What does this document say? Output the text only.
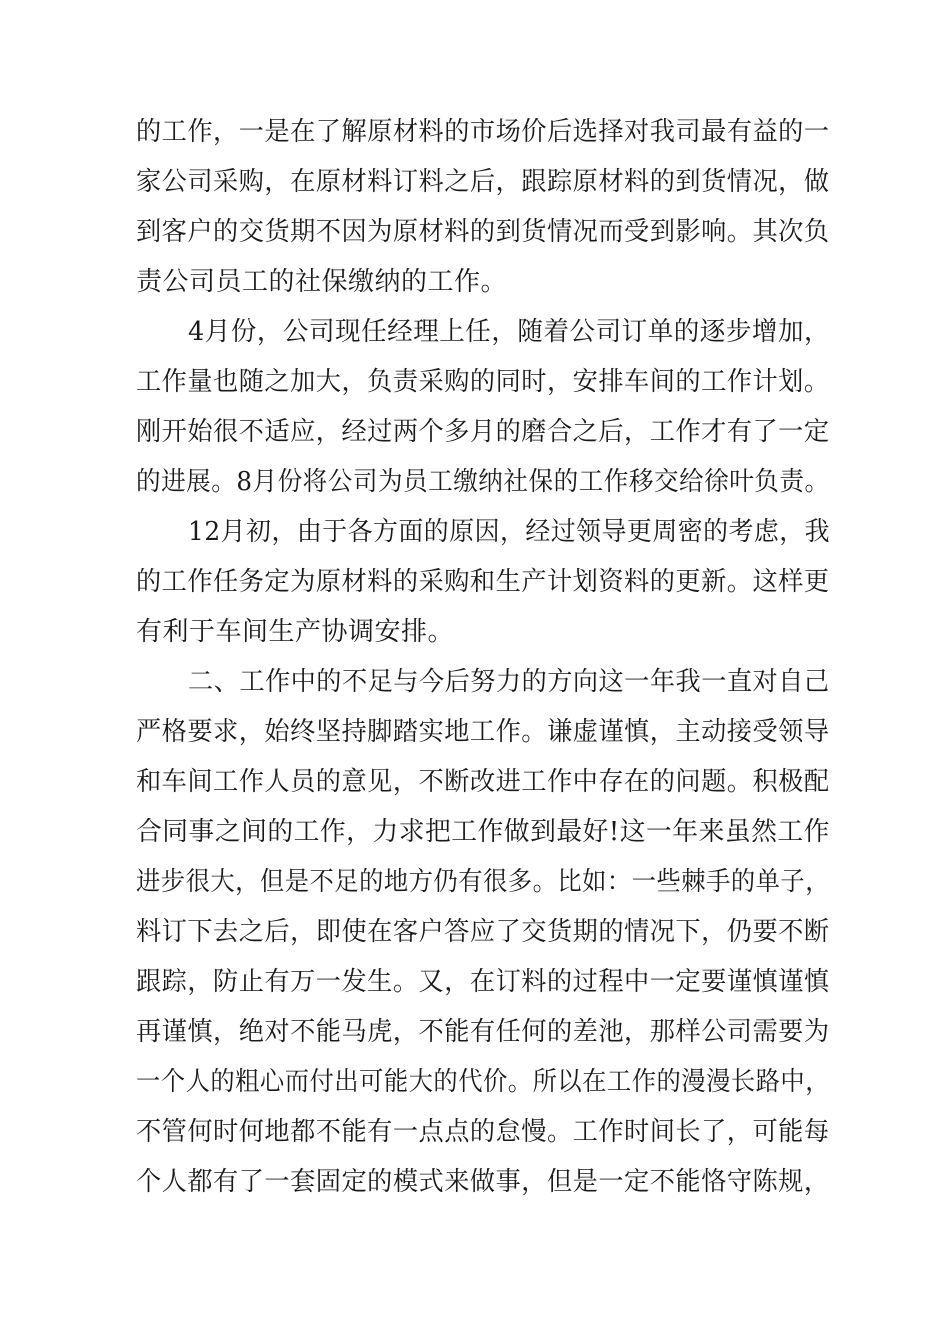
的工作，一是在了解原材料的市场价后选择对我司最有益的一
家公司采购，在原材料订料之后，跟踪原材料的到货情况，做
到客户的交货期不因为原材料的到货情况而受到影响。其次负
责公司员工的社保缴纳的工作。
4月份，公司现任经理上任，随着公司订单的逐步增加，
工作量也随之加大，负责采购的同时，安排车间的工作计划。
刚开始很不适应，经过两个多月的磨合之后，工作才有了一定
的进展。8月份将公司为员工缴纳社保的工作移交给徐叶负责。
12月初，由于各方面的原因，经过领导更周密的考虑，我
的工作任务定为原材料的采购和生产计划资料的更新。这样更
有利于车间生产协调安排。
二、工作中的不足与今后努力的方向这一年我一直对自己
严格要求，始终坚持脚踏实地工作。谦虚谨慎，主动接受领导
和车间工作人员的意见，不断改进工作中存在的问题。积极配
合同事之间的工作，力求把工作做到最好!这一年来虽然工作
进步很大，但是不足的地方仍有很多。比如：一些棘手的单子，
料订下去之后，即使在客户答应了交货期的情况下，仍要不断
跟踪，防止有万一发生。又，在订料的过程中一定要谨慎谨慎
再谨慎，绝对不能马虎，不能有任何的差池，那样公司需要为
一个人的粗心而付出可能大的代价。所以在工作的漫漫长路中，
不管何时何地都不能有一点点的怠慢。工作时间长了，可能每
个人都有了一套固定的模式来做事，但是一定不能恪守陈规，
